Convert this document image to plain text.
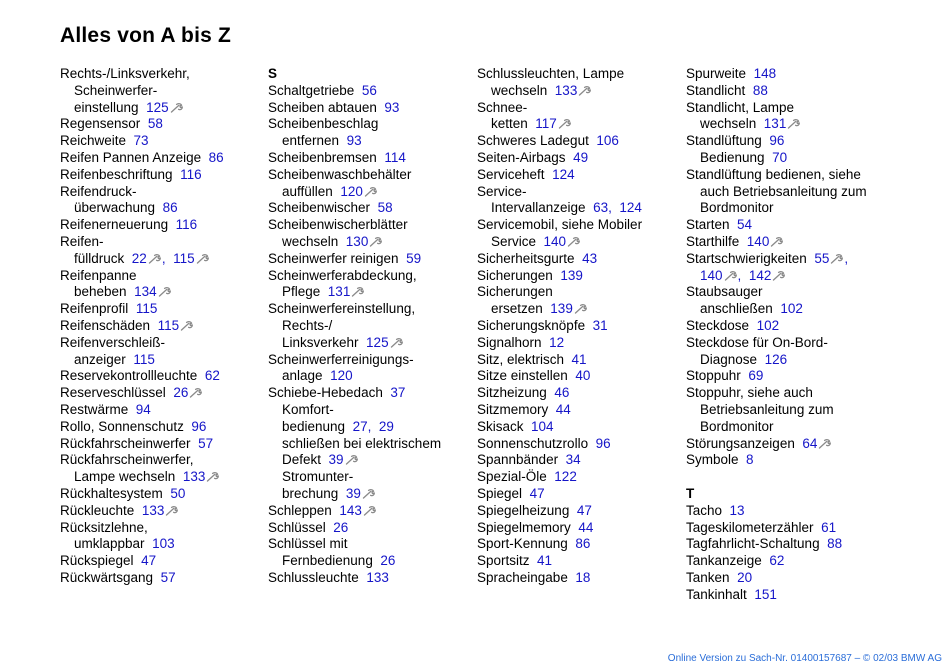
Alles von A bis Z
Rechts-/Linksverkehr,
Scheinwerfer-
einstellung 125
Regensensor 58
Reichweite 73
Reifen Pannen Anzeige 86
Reifenbeschriftung 116
Reifendruck-
überwachung 86
Reifenerneuerung 116
Reifen-
fülldruck 22 , 115
Reifenpanne
beheben 134
Reifenprofil 115
Reifenschäden 115
Reifenverschleiß-
anzeiger 115
Reservekontrollleuchte 62
Reserveschlüssel 26
Restwärme 94
Rollo, Sonnenschutz 96
Rückfahrscheinwerfer 57
Rückfahrscheinwerfer,
Lampe wechseln 133
Rückhaltesystem 50
Rückleuchte 133
Rücksitzlehne,
umklappbar 103
Rückspiegel 47
Rückwärtsgang 57
S
Schaltgetriebe 56
Scheiben abtauen 93
Scheibenbeschlag
entfernen 93
Scheibenbremsen 114
Scheibenwaschbehälter
auffüllen 120
Scheibenwischer 58
Scheibenwischerblätter
wechseln 130
Scheinwerfer reinigen 59
Scheinwerferabdeckung,
Pflege 131
Scheinwerfereinstellung,
Rechts-/
Linksverkehr 125
Scheinwerferreinigungs-
anlage 120
Schiebe-Hebedach 37
Komfort-
bedienung 27, 29
schließen bei elektrischem
Defekt 39
Stromunter-
brechung 39
Schleppen 143
Schlüssel 26
Schlüssel mit
Fernbedienung 26
Schlussleuchte 133
Schlussleuchten, Lampe
wechseln 133
Schnee-
ketten 117
Schweres Ladegut 106
Seiten-Airbags 49
Serviceheft 124
Service-
Intervallanzeige 63, 124
Servicemobil, siehe Mobiler
Service 140
Sicherheitsgurte 43
Sicherungen 139
Sicherungen
ersetzen 139
Sicherungsknöpfe 31
Signalhorn 12
Sitz, elektrisch 41
Sitze einstellen 40
Sitzheizung 46
Sitzmemory 44
Skisack 104
Sonnenschutzrollo 96
Spannbänder 34
Spezial-Öle 122
Spiegel 47
Spiegelheizung 47
Spiegelmemory 44
Sport-Kennung 86
Sportsitz 41
Spracheingabe 18
Spurweite 148
Standlicht 88
Standlicht, Lampe
wechseln 131
Standlüftung 96
Bedienung 70
Standlüftung bedienen, siehe
auch Betriebsanleitung zum
Bordmonitor
Starten 54
Starthilfe 140
Startschwierigkeiten 55 ,
140 , 142
Staubsauger
anschließen 102
Steckdose 102
Steckdose für On-Bord-
Diagnose 126
Stoppuhr 69
Stoppuhr, siehe auch
Betriebsanleitung zum
Bordmonitor
Störungsanzeigen 64
Symbole 8
T
Tacho 13
Tageskilometerzähler 61
Tagfahrlicht-Schaltung 88
Tankanzeige 62
Tanken 20
Tankinhalt 151
Online Version zu Sach-Nr. 01400157687 – © 02/03 BMW AG
